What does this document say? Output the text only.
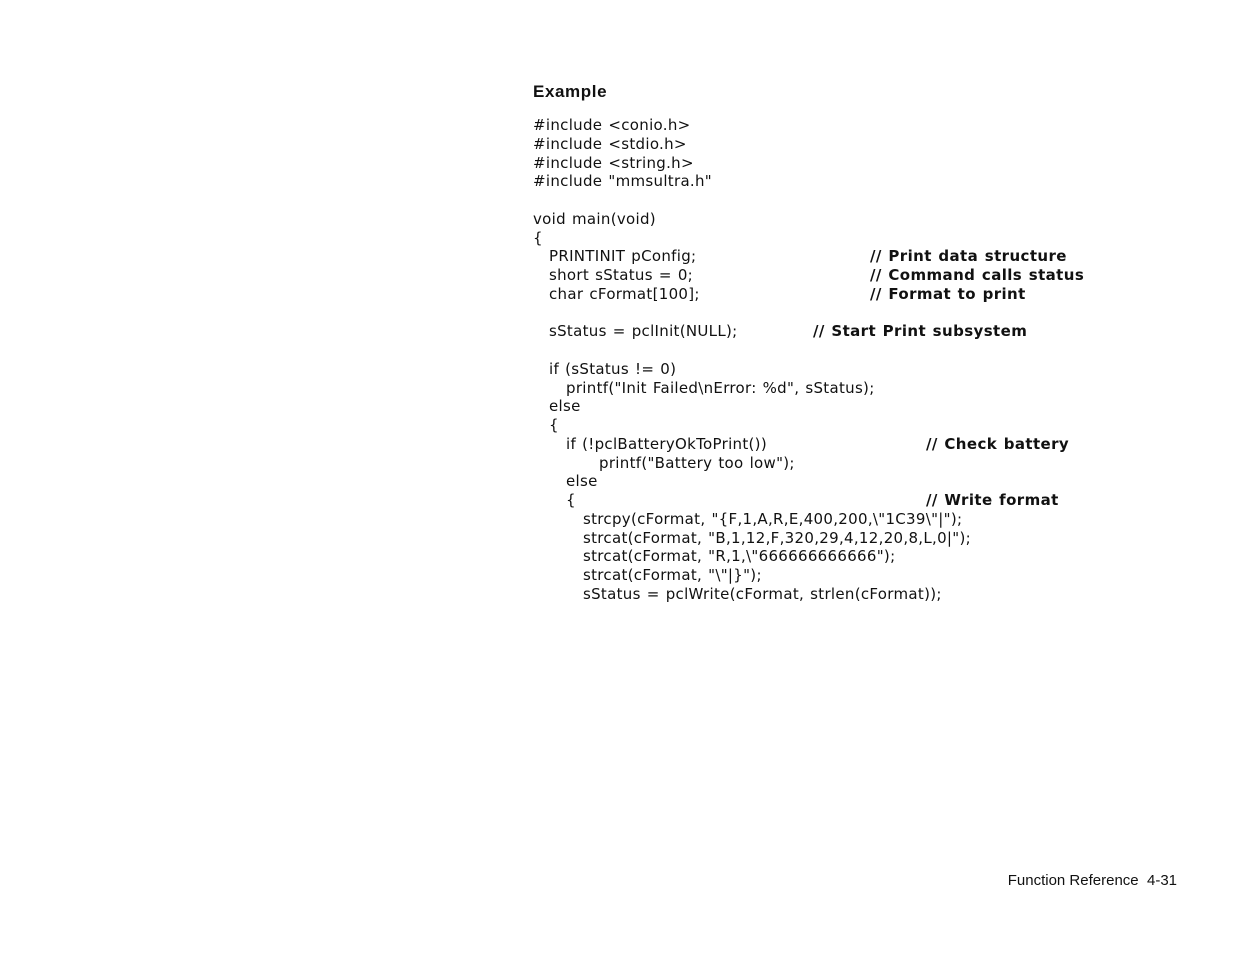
Example
#include <conio.h>
#include <stdio.h>
#include <string.h>
#include "mmsultra.h"
void main(void)
{
PRINTINIT pConfig;	// Print data structure
short sStatus = 0;	// Command calls status
char cFormat[100];	// Format to print
sStatus = pclInit(NULL);	// Start Print subsystem
if (sStatus != 0)
printf("Init Failed\nError: %d", sStatus);
else
{
if (!pclBatteryOkToPrint())	// Check battery
printf("Battery too low");
else
{	// Write format
strcpy(cFormat, "{F,1,A,R,E,400,200,\"1C39\"|");
strcat(cFormat, "B,1,12,F,320,29,4,12,20,8,L,0|");
strcat(cFormat, "R,1,\"666666666666");
strcat(cFormat, "\"|}");
sStatus = pclWrite(cFormat, strlen(cFormat));
Function Reference  4-31
